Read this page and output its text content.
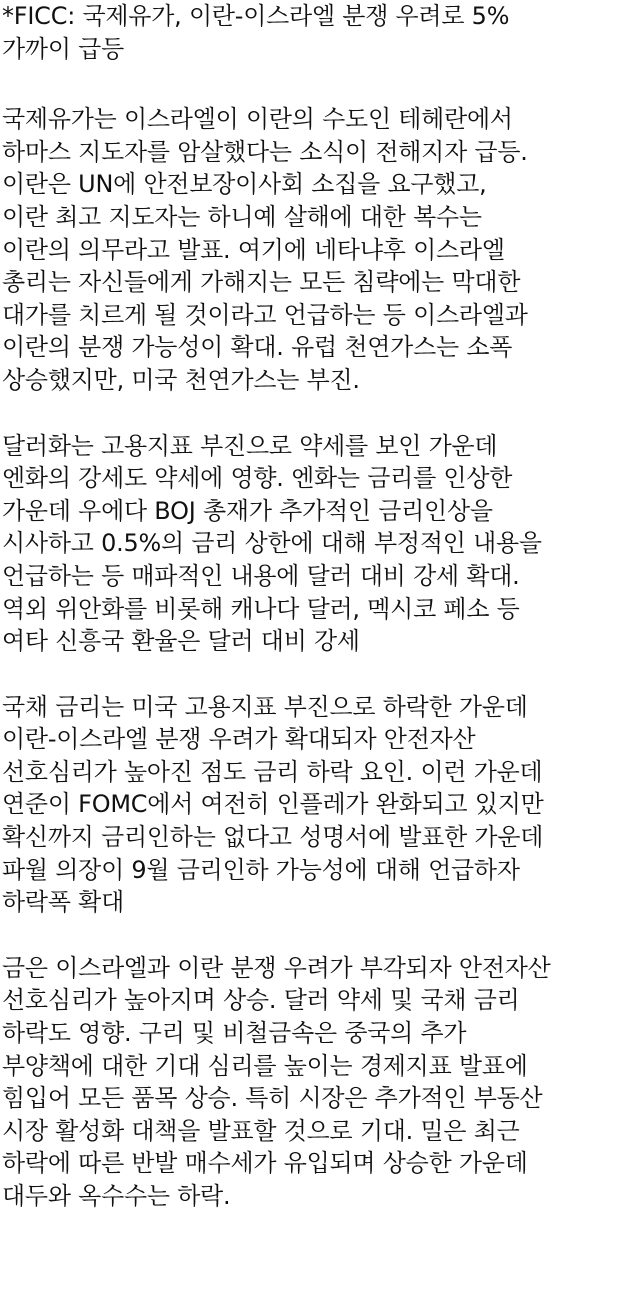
*FICC: 국제유가, 이란-이스라엘 분쟁 우려로 5%
가까이 급등

국제유가는 이스라엘이 이란의 수도인 테헤란에서
하마스 지도자를 암살했다는 소식이 전해지자 급등.
이란은 UN에 안전보장이사회 소집을 요구했고,
이란 최고 지도자는 하니예 살해에 대한 복수는
이란의 의무라고 발표. 여기에 네타냐후 이스라엘
총리는 자신들에게 가해지는 모든 침략에는 막대한
대가를 치르게 될 것이라고 언급하는 등 이스라엘과
이란의 분쟁 가능성이 확대. 유럽 천연가스는 소폭
상승했지만, 미국 천연가스는 부진.

달러화는 고용지표 부진으로 약세를 보인 가운데
엔화의 강세도 약세에 영향. 엔화는 금리를 인상한
가운데 우에다 BOJ 총재가 추가적인 금리인상을
시사하고 0.5%의 금리 상한에 대해 부정적인 내용을
언급하는 등 매파적인 내용에 달러 대비 강세 확대.
역외 위안화를 비롯해 캐나다 달러, 멕시코 페소 등
여타 신흥국 환율은 달러 대비 강세

국채 금리는 미국 고용지표 부진으로 하락한 가운데
이란-이스라엘 분쟁 우려가 확대되자 안전자산
선호심리가 높아진 점도 금리 하락 요인. 이런 가운데
연준이 FOMC에서 여전히 인플레가 완화되고 있지만
확신까지 금리인하는 없다고 성명서에 발표한 가운데
파월 의장이 9월 금리인하 가능성에 대해 언급하자
하락폭 확대

금은 이스라엘과 이란 분쟁 우려가 부각되자 안전자산
선호심리가 높아지며 상승. 달러 약세 및 국채 금리
하락도 영향. 구리 및 비철금속은 중국의 추가
부양책에 대한 기대 심리를 높이는 경제지표 발표에
힘입어 모든 품목 상승. 특히 시장은 추가적인 부동산
시장 활성화 대책을 발표할 것으로 기대. 밀은 최근
하락에 따른 반발 매수세가 유입되며 상승한 가운데
대두와 옥수수는 하락.
